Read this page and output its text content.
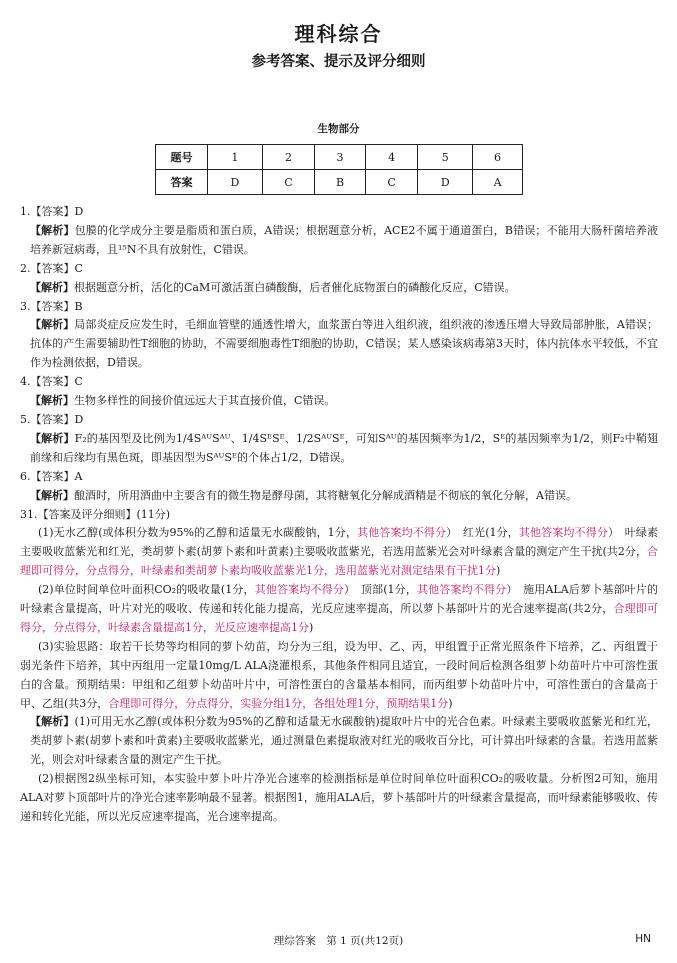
理科综合
参考答案、提示及评分细则
生物部分
题号	1	2	3	4	5	6
答案	D	C	B	C	D	A

1.【答案】D

【解析】包膜的化学成分主要是脂质和蛋白质，A错误；根据题意分析，ACE2不属于通道蛋白，B错误；不能用大肠杆菌培养液培养新冠病毒，且¹⁵N不具有放射性，C错误。

2.【答案】C

【解析】根据题意分析，活化的CaM可激活蛋白磷酸酶，后者催化底物蛋白的磷酸化反应，C错误。

3.【答案】B

【解析】局部炎症反应发生时，毛细血管壁的通透性增大，血浆蛋白等进入组织液，组织液的渗透压增大导致局部肿胀，A错误；抗体的产生需要辅助性T细胞的协助，不需要细胞毒性T细胞的协助，C错误；某人感染该病毒第3天时，体内抗体水平较低，不宜作为检测依据，D错误。

4.【答案】C

【解析】生物多样性的间接价值远远大于其直接价值，C错误。

5.【答案】D

【解析】F₂的基因型及比例为1/4SᴬᵁSᴬᵁ、1/4SᴱSᴱ、1/2SᴬᵁSᴱ，可知Sᴬᵁ的基因频率为1/2，Sᴱ的基因频率为1/2，则F₂中鞘翅前缘和后缘均有黑色斑，即基因型为SᴬᵁSᴱ的个体占1/2，D错误。

6.【答案】A

【解析】酿酒时，所用酒曲中主要含有的微生物是酵母菌，其将糖氧化分解成酒精是不彻底的氧化分解，A错误。

31.【答案及评分细则】(11分)

(1)无水乙醇(或体积分数为95%的乙醇和适量无水碳酸钠，1分，其他答案均不得分）　红光(1分，其他答案均不得分）　叶绿素主要吸收蓝紫光和红光，类胡萝卜素(胡萝卜素和叶黄素)主要吸收蓝紫光，若选用蓝紫光会对叶绿素含量的测定产生干扰(共2分，合理即可得分，分点得分，叶绿素和类胡萝卜素均吸收蓝紫光1分，选用蓝紫光对测定结果有干扰1分)

(2)单位时间单位叶面积CO₂的吸收量(1分，其他答案均不得分）　顶部(1分，其他答案均不得分）　施用ALA后萝卜基部叶片的叶绿素含量提高，叶片对光的吸收、传递和转化能力提高，光反应速率提高，所以萝卜基部叶片的光合速率提高(共2分，合理即可得分，分点得分，叶绿素含量提高1分，光反应速率提高1分)

(3)实验思路：取若干长势等均相同的萝卜幼苗，均分为三组，设为甲、乙、丙，甲组置于正常光照条件下培养，乙、丙组置于弱光条件下培养，其中丙组用一定量10mg/L ALA浇灌根系，其他条件相同且适宜，一段时间后检测各组萝卜幼苗叶片中可溶性蛋白的含量。预期结果：甲组和乙组萝卜幼苗叶片中，可溶性蛋白的含量基本相同，而丙组萝卜幼苗叶片中，可溶性蛋白的含量高于甲、乙组(共3分，合理即可得分，分点得分，实验分组1分，各组处理1分，预期结果1分)

【解析】(1)可用无水乙醇(或体积分数为95%的乙醇和适量无水碳酸钠)提取叶片中的光合色素。叶绿素主要吸收蓝紫光和红光，类胡萝卜素(胡萝卜素和叶黄素)主要吸收蓝紫光，通过测量色素提取液对红光的吸收百分比，可计算出叶绿素的含量。若选用蓝紫光，则会对叶绿素含量的测定产生干扰。

(2)根据图2纵坐标可知，本实验中萝卜叶片净光合速率的检测指标是单位时间单位叶面积CO₂的吸收量。分析图2可知，施用ALA对萝卜顶部叶片的净光合速率影响最不显著。根据图1，施用ALA后，萝卜基部叶片的叶绿素含量提高，而叶绿素能够吸收、传递和转化光能，所以光反应速率提高，光合速率提高。

理综答案　第 1 页(共12页)	HN
